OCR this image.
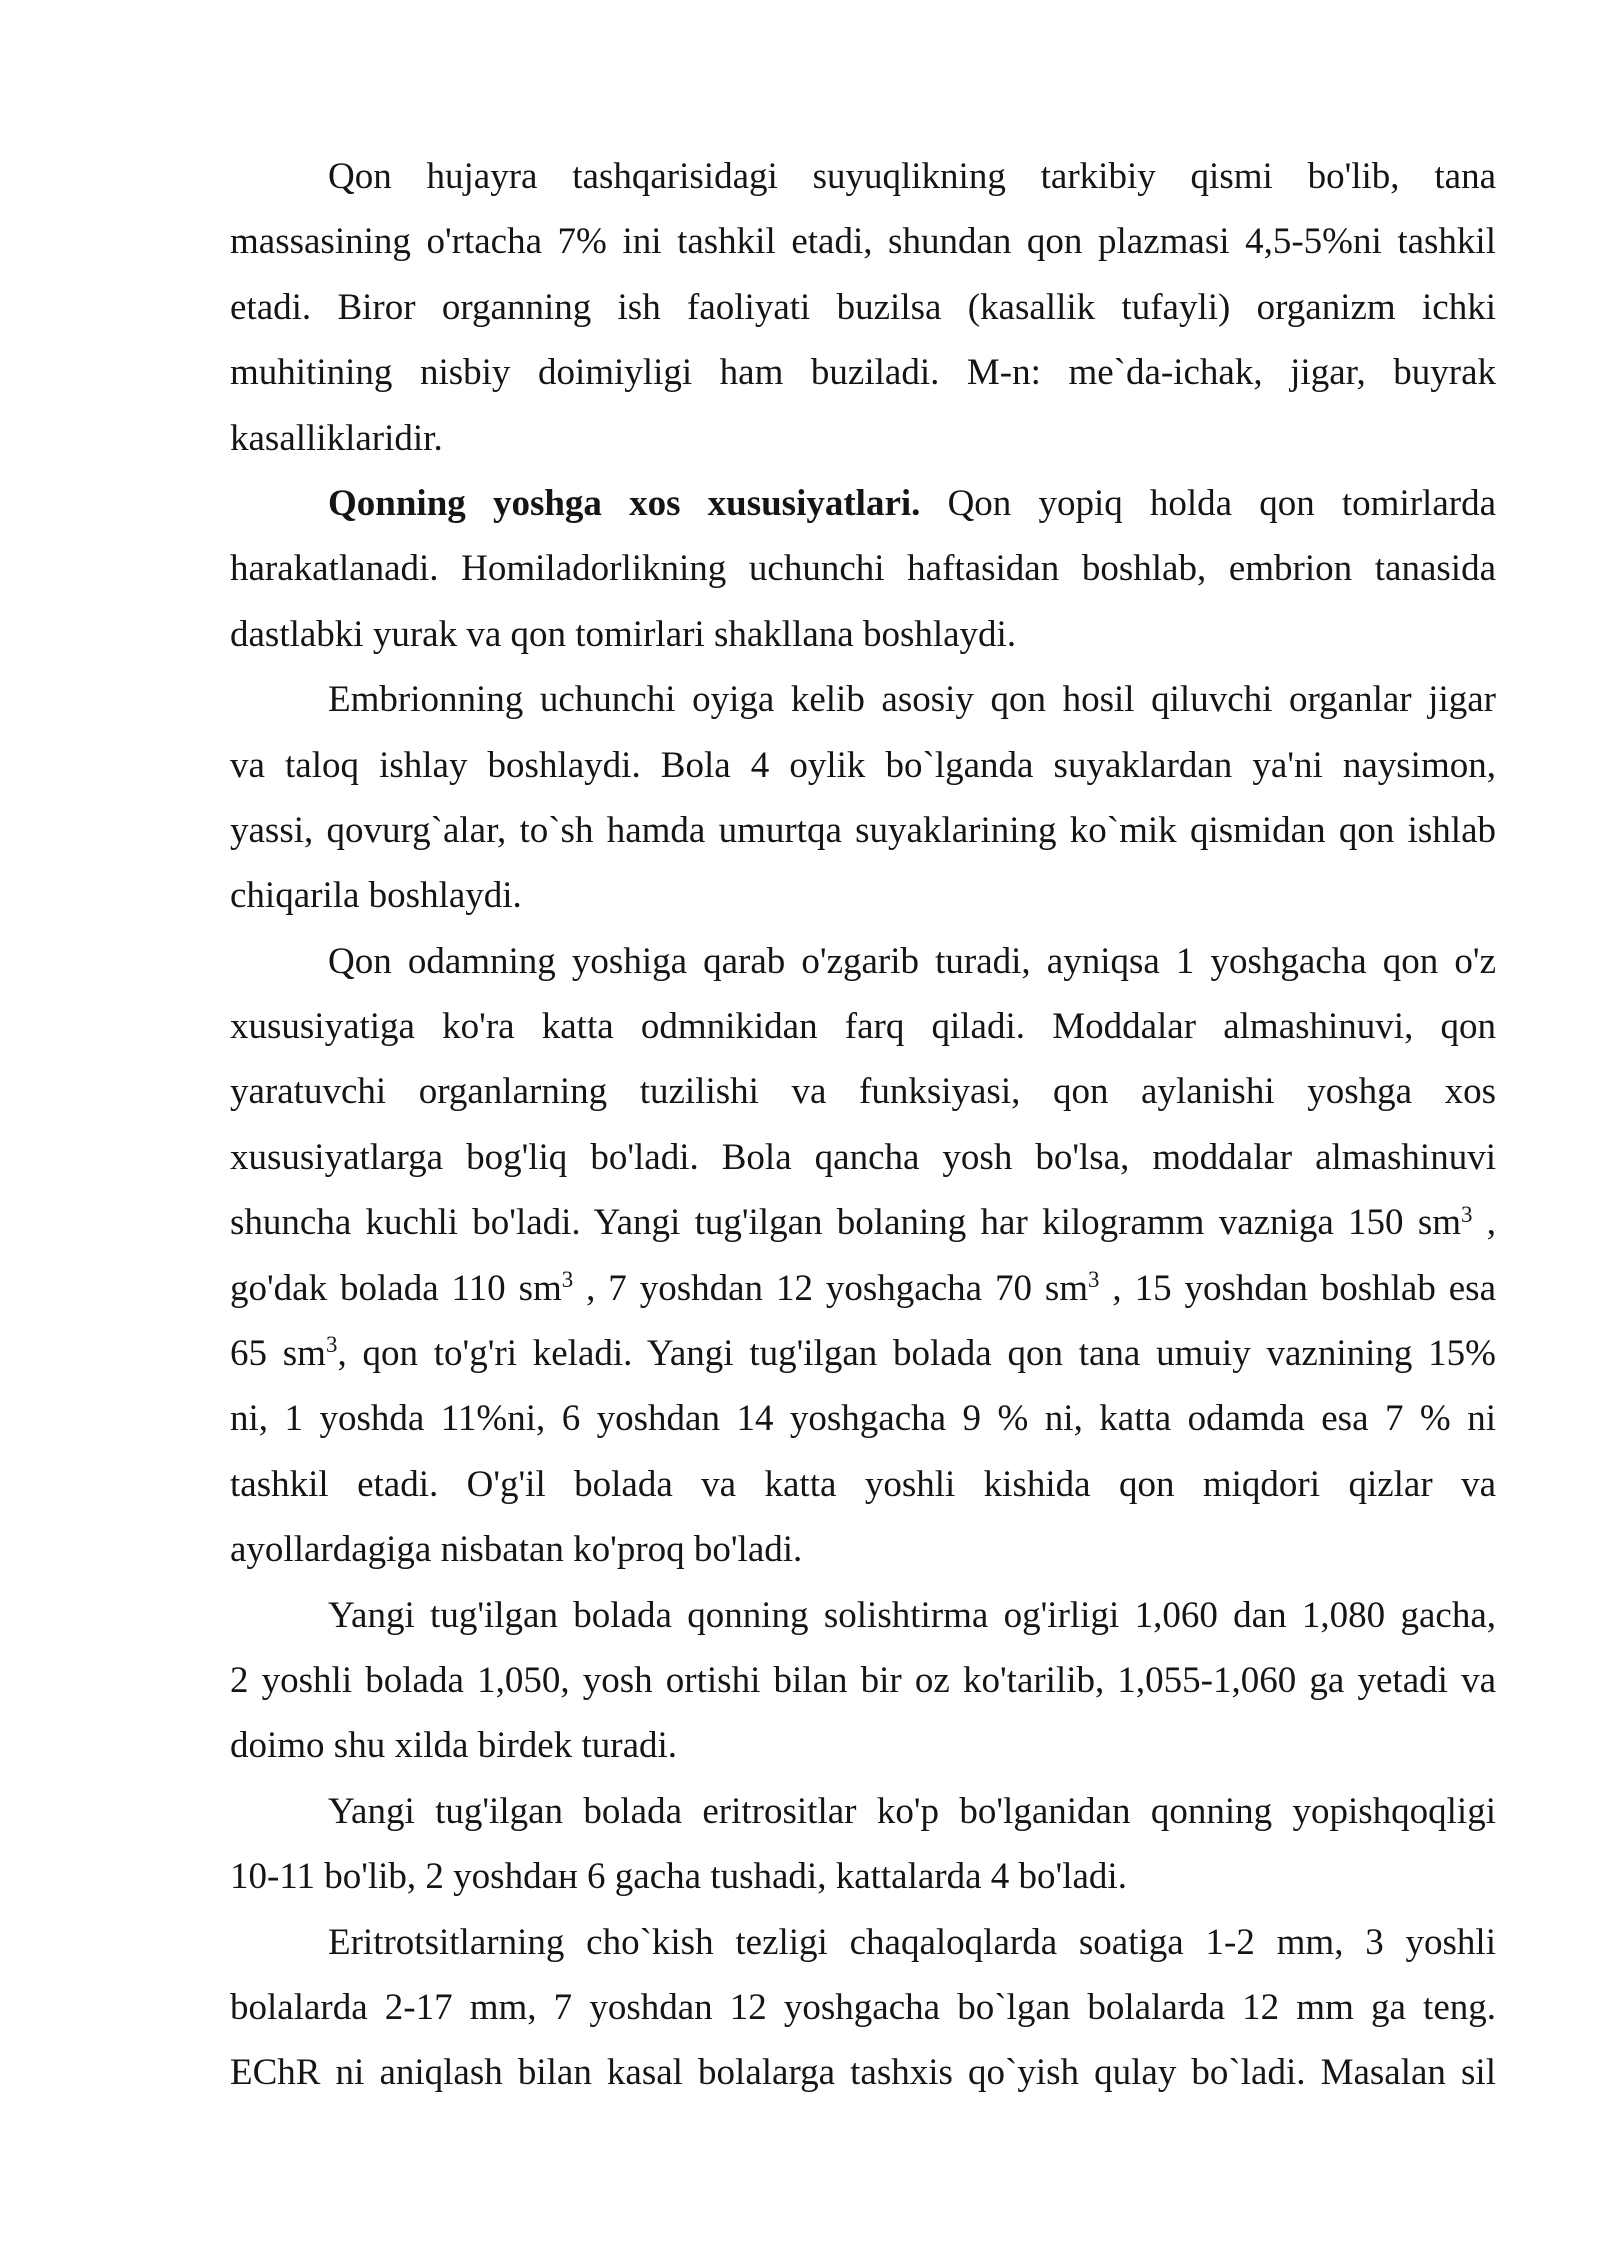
Qon hujayra tashqarisidagi suyuqlikning tarkibiy qismi bo'lib, tana
massasining o'rtacha 7% ini tashkil etadi, shundan qon plazmasi 4,5-5%ni tashkil
etadi. Biror organning ish faoliyati buzilsa (kasallik tufayli) organizm ichki
muhitining nisbiy doimiyligi ham buziladi. M-n: me`da-ichak, jigar, buyrak
kasalliklaridir.
Qonning yoshga xos xususiyatlari. Qon yopiq holda qon tomirlarda
harakatlanadi. Homiladorlikning uchunchi haftasidan boshlab, embrion tanasida
dastlabki yurak va qon tomirlari shakllana boshlaydi.
Embrionning uchunchi oyiga kelib asosiy qon hosil qiluvchi organlar jigar
va taloq ishlay boshlaydi. Bola 4 oylik bo`lganda suyaklardan ya'ni naysimon,
yassi, qovurg`alar, to`sh hamda umurtqa suyaklarining ko`mik qismidan qon ishlab
chiqarila boshlaydi.
Qon odamning yoshiga qarab o'zgarib turadi, ayniqsa 1 yoshgacha qon o'z
xususiyatiga ko'ra katta odmnikidan farq qiladi. Moddalar almashinuvi, qon
yaratuvchi organlarning tuzilishi va funksiyasi, qon aylanishi yoshga xos
xususiyatlarga bog'liq bo'ladi. Bola qancha yosh bo'lsa, moddalar almashinuvi
shuncha kuchli bo'ladi. Yangi tug'ilgan bolaning har kilogramm vazniga 150 $sm^3$ ,
go'dak bolada 110 $sm^3$ , 7 yoshdan 12 yoshgacha 70 $sm^3$ , 15 yoshdan boshlab esa
65 $sm^3$, qon to'g'ri keladi. Yangi tug'ilgan bolada qon tana umuiy vaznining 15%
ni, 1 yoshda 11%ni, 6 yoshdan 14 yoshgacha 9 % ni, katta odamda esa 7 % ni
tashkil etadi. O'g'il bolada va katta yoshli kishida qon miqdori qizlar va
ayollardagiga nisbatan ko'proq bo'ladi.
Yangi tug'ilgan bolada qonning solishtirma og'irligi 1,060 dan 1,080 gacha,
2 yoshli bolada 1,050, yosh ortishi bilan bir oz ko'tarilib, 1,055-1,060 ga yetadi va
doimo shu xilda birdek turadi.
Yangi tug'ilgan bolada eritrositlar ko'p bo'lganidan qonning yopishqoqligi
10-11 bo'lib, 2 yoshdaн 6 gacha tushadi, kattalarda 4 bo'ladi.
Eritrotsitlarning cho`kish tezligi chaqaloqlarda soatiga 1-2 mm, 3 yoshli
bolalarda 2-17 mm, 7 yoshdan 12 yoshgacha bo`lgan bolalarda 12 mm ga teng.
EChR ni aniqlash bilan kasal bolalarga tashxis qo`yish qulay bo`ladi. Masalan sil
